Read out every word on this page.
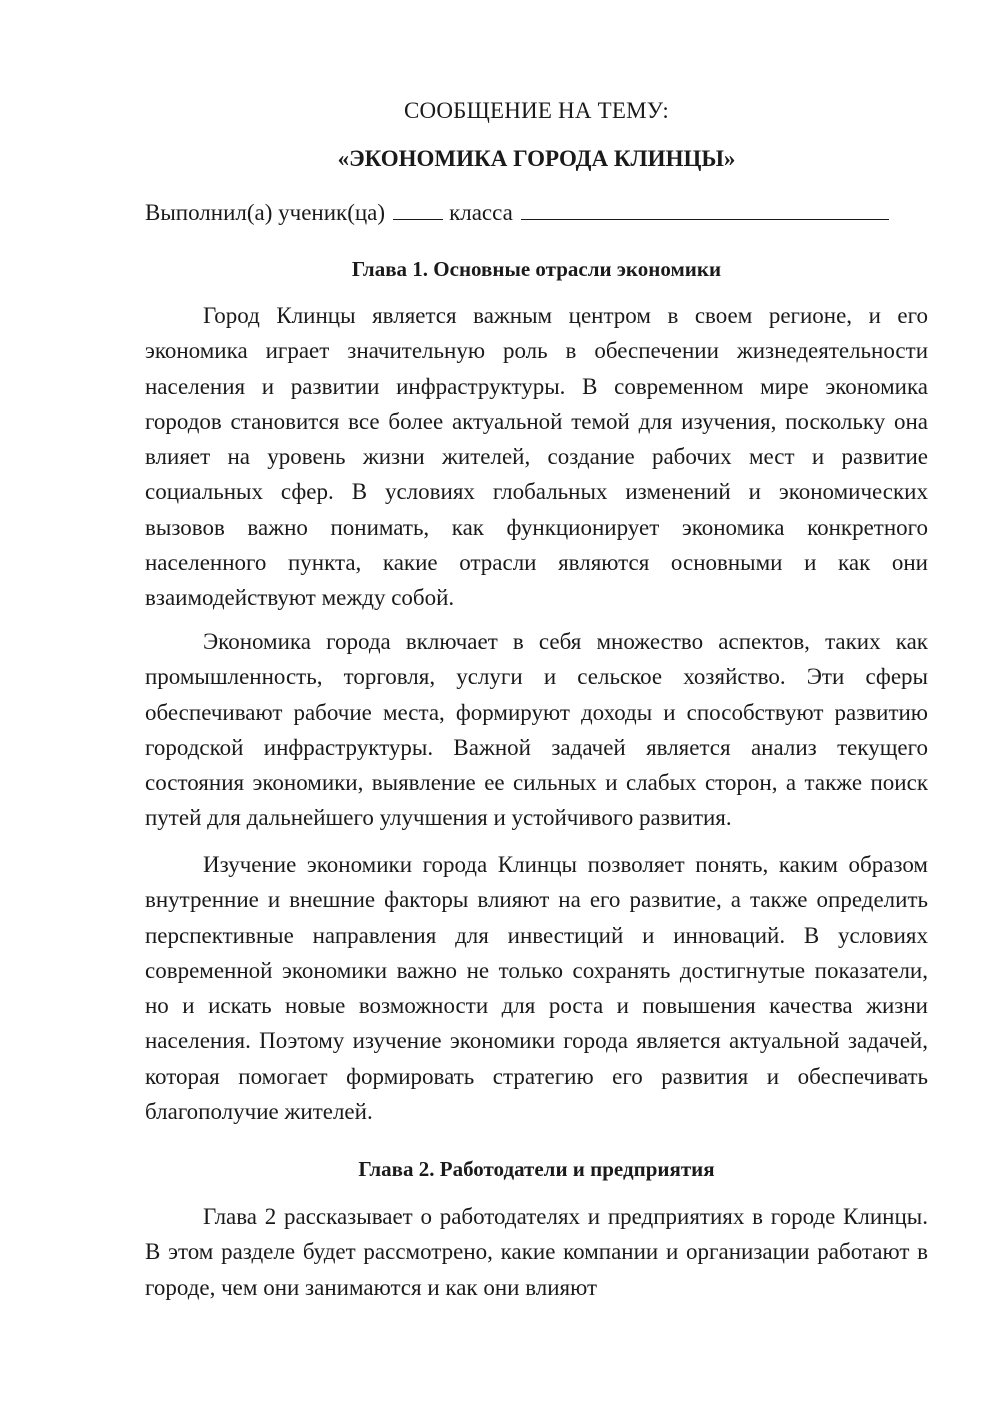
СООБЩЕНИЕ НА ТЕМУ:
«ЭКОНОМИКА ГОРОДА КЛИНЦЫ»
Выполнил(а) ученик(ца)	класса
Глава 1. Основные отрасли экономики

Город Клинцы является важным центром в своем регионе, и его экономика играет значительную роль в обеспечении жизнедеятельности населения и развитии инфраструктуры. В современном мире экономика городов становится все более актуальной темой для изучения, поскольку она влияет на уровень жизни жителей, создание рабочих мест и развитие социальных сфер. В условиях глобальных изменений и экономических вызовов важно понимать, как функционирует экономика конкретного населенного пункта, какие отрасли являются основными и как они взаимодействуют между собой.

Экономика города включает в себя множество аспектов, таких как промышленность, торговля, услуги и сельское хозяйство. Эти сферы обеспечивают рабочие места, формируют доходы и способствуют развитию городской инфраструктуры. Важной задачей является анализ текущего состояния экономики, выявление ее сильных и слабых сторон, а также поиск путей для дальнейшего улучшения и устойчивого развития.

Изучение экономики города Клинцы позволяет понять, каким образом внутренние и внешние факторы влияют на его развитие, а также определить перспективные направления для инвестиций и инноваций. В условиях современной экономики важно не только сохранять достигнутые показатели, но и искать новые возможности для роста и повышения качества жизни населения. Поэтому изучение экономики города является актуальной задачей, которая помогает формировать стратегию его развития и обеспечивать благополучие жителей.

Глава 2. Работодатели и предприятия

Глава 2 рассказывает о работодателях и предприятиях в городе Клинцы. В этом разделе будет рассмотрено, какие компании и организации работают в городе, чем они занимаются и как они влияют
